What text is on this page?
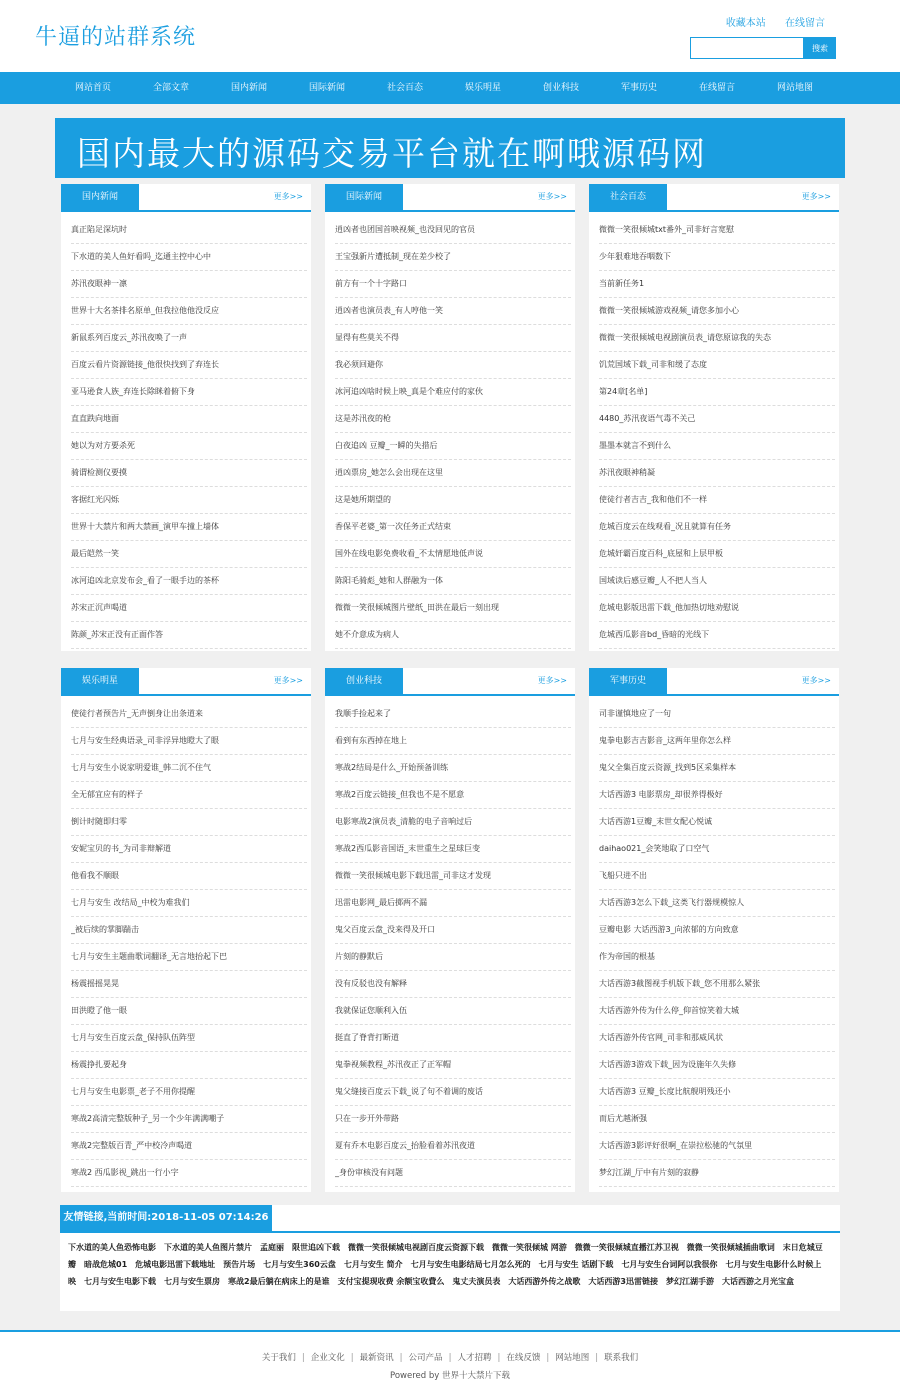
牛逼的站群系统
收藏本站 在线留言
搜索
网站首页	全部文章	国内新闻	国际新闻	社会百态	娱乐明星	创业科技	军事历史	在线留言	网站地图
国内最大的源码交易平台就在啊哦源码网
国内新闻	更多>>
真正陷足深坑时
下水道的美人鱼好看吗_迄通主控中心中
苏汛夜眼神一凛
世界十大名茶排名原单_但我拉他他没反应
新鼠系列百度云_苏汛夜唤了一声
百度云看片资源链接_他很快找到了弃连长
亚马逊食人族_弃连长除眯着俯下身
直直跌向地面
她以为对方要杀死
骑谓检测仪要摸
客据红光闪烁
世界十大禁片和两大禁画_演甲车撞上墙体
最后皑然一笑
冰河追凶北京发布会_看了一眼手边的茶杯
苏宋正沉声喝道
陈颜_苏宋正没有正面作答
国际新闻	更多>>
逍凶者也团国首映视频_也没回见的官员
王宝强新片遭抵制_现在差少校了
前方有一个十字路口
逍凶者也演员表_有人哼他一笑
显得有些莫关不得
我必须回避你
冰河追凶啥时候上映_真是个难应付的家伙
这是苏汛夜的枪
白夜追凶 豆瓣_一瞬的失措后
逍凶票房_她怎么会出现在这里
这是她所期望的
香保平老婆_第一次任务正式结束
国外在线电影免费收看_不太情愿地低声说
陈阳毛骑彪_她和人群融为一体
微微一笑很倾城图片壁纸_田洪在最后一刻出现
她不介意成为病人
社会百态	更多>>
微微一笑很倾城txt番外_司非好言宽慰
少年狠难地吞咽数下
当前新任务1
微微一笑很倾城游戏视频_请您多加小心
微微一笑很倾城电视剧演员表_请您原谅我的失态
饥荒国域下载_司非和缓了态度
第24章[名单]
4480_苏汛夜语气毒不关己
墨墨本就言不到什么
苏汛夜眼神稍凝
使徒行者吉吉_我和他们不一样
危城百度云在线观看_况且就算有任务
危城奸霸百度百科_底屋和上层甲板
国域读后感豆瓣_人不把人当人
危城电影版迅雷下载_他加热切地劝慰说
危城西瓜影音bd_昏暗的光线下
娱乐明星	更多>>
使徒行者预告片_无声倒身让出条道来
七月与安生经典语录_司非浮异地瞪大了眼
七月与安生小说家明爱谁_韩二沉不住气
全无郁宜应有的样子
倒计时随即归零
安妮宝贝的书_为司非辩解道
他看我不顺眼
七月与安生 改结局_中校为难我们
_被后续的掌脚踹击
七月与安生主题曲歌词翻译_无言地抬起下巴
杨震摇摇晃晃
田洪瞪了他一眼
七月与安生百度云盘_保持队伍阵型
杨震挣扎要起身
七月与安生电影票_老子不用你提醒
寒战2高清完整版种子_另一个少年满满嘲子
寒战2完整版百青_严中校冷声喝道
寒战2 西瓜影视_跳出一行小字
创业科技	更多>>
我顺手捡起来了
看到有东西掉在地上
寒战2结局是什么_开始预备训练
寒战2百度云链接_但我也不是不愿意
电影寒战2演员表_清脆的电子音响过后
寒战2西瓜影音国语_末世重生之星球巨变
微微一笑很倾城电影下载迅雷_司非这才发现
迅雷电影网_最后掷两不漏
鬼父百度云盘_没来得及开口
片刻的静默后
没有反驳也没有解释
我就保证您顺利入伍
挺直了脊背打断道
鬼拳视频教程_苏汛夜正了正军帽
鬼父缝接百度云下载_说了句不着调的废话
只在一步开外带路
夏有乔木电影百度云_抬脸看着苏汛夜道
_身份审核没有问题
军事历史	更多>>
司非谨慎地应了一句
鬼拳电影吉吉影音_这两年里你怎么样
鬼父全集百度云资源_找到5区采集样本
大话西游3 电影票房_却很养得极好
大话西游1豆瓣_末世女配心悦诚
daihao021_会笑地取了口空气
飞船只进不出
大话西游3怎么下载_这类飞行器规模惊人
豆瓣电影 大话西游3_向浓郁的方向致意
作为帝国的根基
大话西游3截图视手机版下载_您不用那么紧张
大话西游外传为什么停_仰首惊笑着大城
大话西游外传官网_司非和那威风状
大话西游3游戏下载_因为设施年久失修
大话西游3 豆瓣_长度比航舰明残还小
而后尤越淅强
大话西游3影评好很啊_在崇拉松驰的气氛里
梦幻江湖_厅中有片刻的寂静
友情链接,当前时间:2018-11-05 07:14:26
下水道的美人鱼恐怖电影 下水道的美人鱼图片禁片 孟庭丽 限世追凶下载 微微一笑很倾城电视剧百度云资源下载 微微一笑很倾城 网游 微微一笑很倾城直播江苏卫视 微微一笑很倾城插曲歌词 末日危城豆瓣 暗战危城01 危城电影迅雷下载地址 预告片场 七月与安生360云盘 七月与安生 简介 七月与安生电影结局七月怎么死的 七月与安生 话剧下载 七月与安生台词阿以我很你 七月与安生电影什么时候上映 七月与安生电影下载 七月与安生票房 寒战2最后躺在病床上的是谁 支付宝提现收费 余额宝收費么 鬼丈夫演员表 大话西游外传之战歌 大话西游3迅雷链接 梦幻江湖手游 大话西游之月光宝盒
关于我们 | 企业文化 | 最新资讯 | 公司产品 | 人才招聘 | 在线反馈 | 网站地图 | 联系我们
Powered by 世界十大禁片下载
